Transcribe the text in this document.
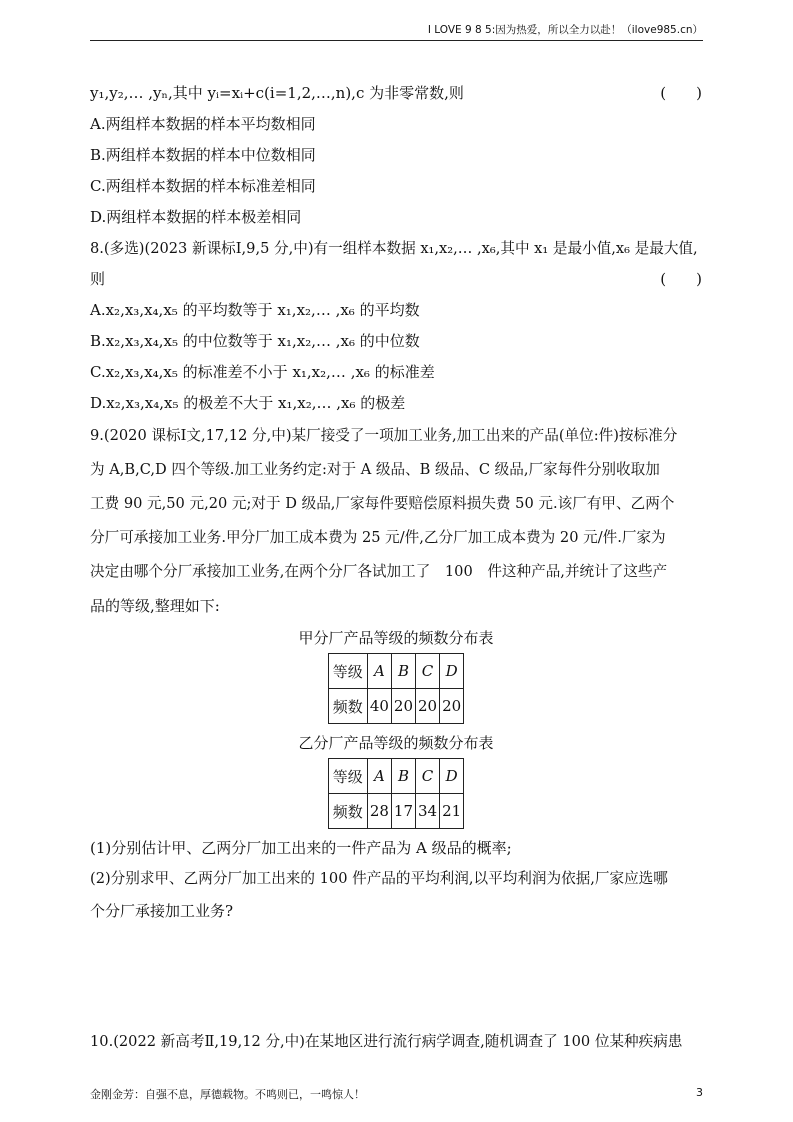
I LOVE 9 8 5:因为热爱，所以全力以赴！（ilove985.cn）
y₁,y₂,… ,yₙ,其中 yᵢ=xᵢ+c(i=1,2,…,n),c 为非零常数,则	(　　)
A.两组样本数据的样本平均数相同
B.两组样本数据的样本中位数相同
C.两组样本数据的样本标准差相同
D.两组样本数据的样本极差相同
8.(多选)(2023 新课标Ⅰ,9,5 分,中)有一组样本数据 x₁,x₂,… ,x₆,其中 x₁ 是最小值,x₆ 是最大值,
则	(　　)
A.x₂,x₃,x₄,x₅ 的平均数等于 x₁,x₂,… ,x₆ 的平均数
B.x₂,x₃,x₄,x₅ 的中位数等于 x₁,x₂,… ,x₆ 的中位数
C.x₂,x₃,x₄,x₅ 的标准差不小于 x₁,x₂,… ,x₆ 的标准差
D.x₂,x₃,x₄,x₅ 的极差不大于 x₁,x₂,… ,x₆ 的极差
9.(2020 课标Ⅰ文,17,12 分,中)某厂接受了一项加工业务,加工出来的产品(单位:件)按标准分
为 A,B,C,D 四个等级.加工业务约定:对于 A 级品、B 级品、C 级品,厂家每件分别收取加
工费 90 元,50 元,20 元;对于 D 级品,厂家每件要赔偿原料损失费 50 元.该厂有甲、乙两个
分厂可承接加工业务.甲分厂加工成本费为 25 元/件,乙分厂加工成本费为 20 元/件.厂家为
决定由哪个分厂承接加工业务,在两个分厂各试加工了　100　件这种产品,并统计了这些产
品的等级,整理如下:
甲分厂产品等级的频数分布表
等级	A	B	C	D
频数	40	20	20	20
乙分厂产品等级的频数分布表
等级	A	B	C	D
频数	28	17	34	21
(1)分别估计甲、乙两分厂加工出来的一件产品为 A 级品的概率;
(2)分别求甲、乙两分厂加工出来的 100 件产品的平均利润,以平均利润为依据,厂家应选哪
个分厂承接加工业务?
10.(2022 新高考Ⅱ,19,12 分,中)在某地区进行流行病学调查,随机调查了 100 位某种疾病患
金刚金芳：自强不息，厚德载物。不鸣则已，一鸣惊人！	3
